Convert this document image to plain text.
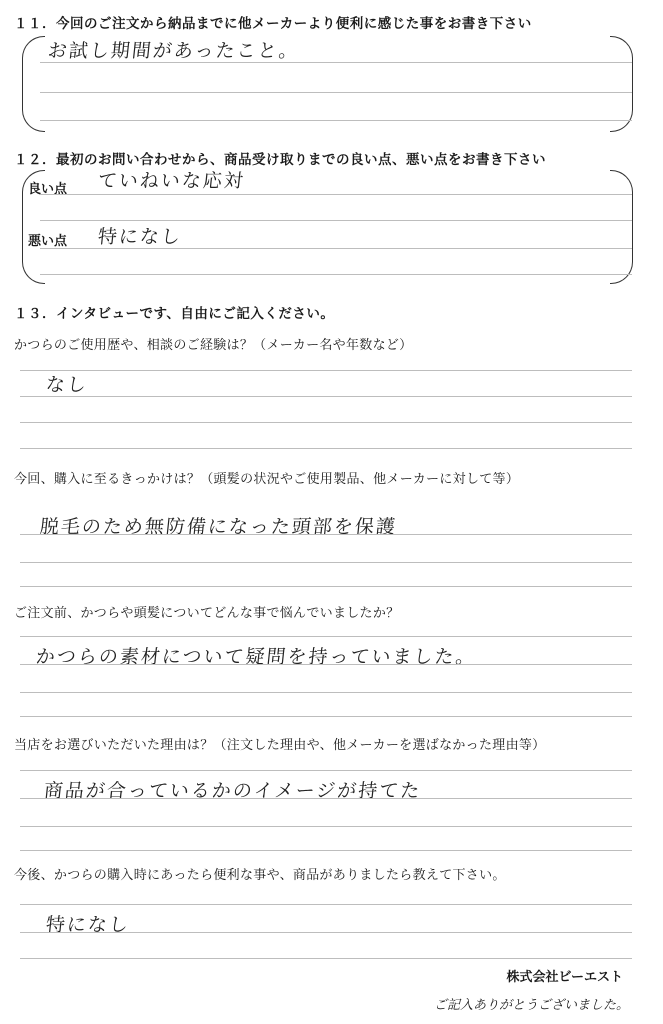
１１．今回のご注文から納品までに他メーカーより便利に感じた事をお書き下さい
お試し期間があったこと。
１２．最初のお問い合わせから、商品受け取りまでの良い点、悪い点をお書き下さい
良い点 ていねいな応対
悪い点 特になし
１３．インタビューです、自由にご記入ください。
かつらのご使用歴や、相談のご経験は？（メーカー名や年数など）
なし
今回、購入に至るきっかけは？（頭髪の状況やご使用製品、他メーカーに対して等）
脱毛のため無防備になった頭部を保護
ご注文前、かつらや頭髪についてどんな事で悩んでいましたか？
かつらの素材について疑問を持っていました。
当店をお選びいただいた理由は？（注文した理由や、他メーカーを選ばなかった理由等）
商品が合っているかのイメージが持てた
今後、かつらの購入時にあったら便利な事や、商品がありましたら教えて下さい。
特になし
株式会社ビーエスト
ご記入ありがとうございました。
